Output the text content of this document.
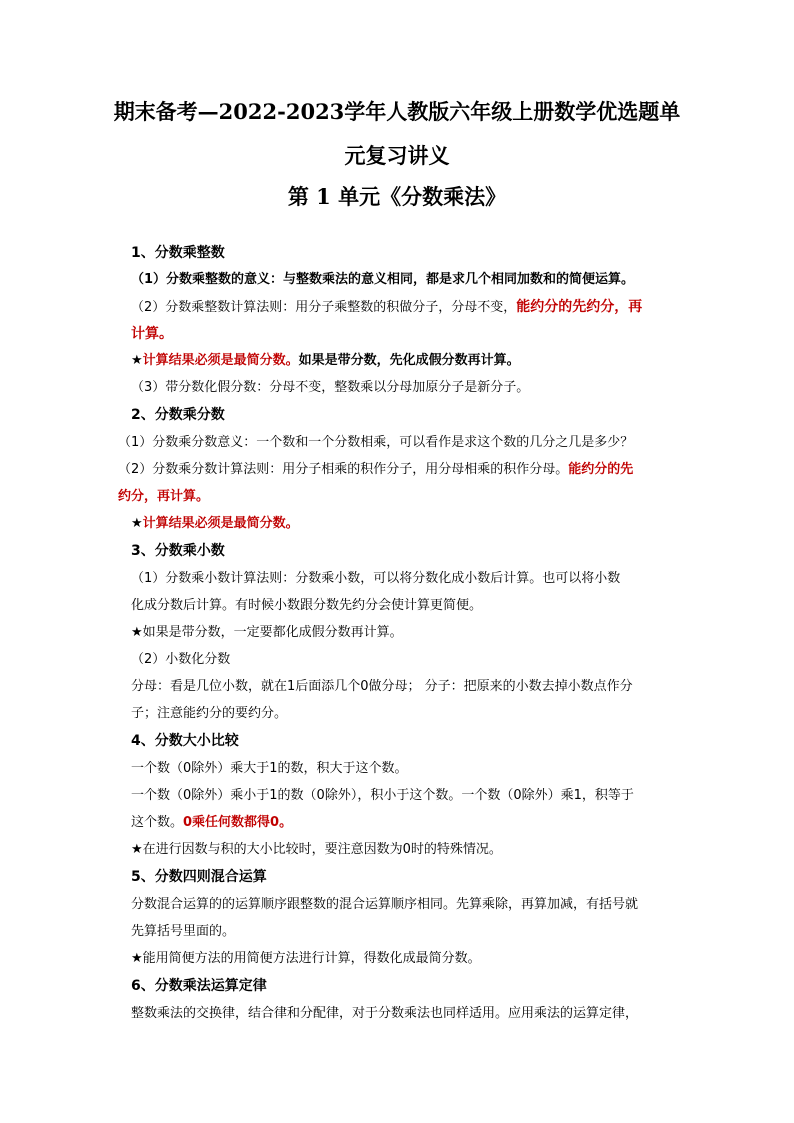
期末备考—2022-2023学年人教版六年级上册数学优选题单
元复习讲义
第 1 单元《分数乘法》
1、分数乘整数
（1）分数乘整数的意义：与整数乘法的意义相同，都是求几个相同加数和的简便运算。
（2）分数乘整数计算法则：用分子乘整数的积做分子，分母不变，能约分的先约分，再
计算。
★计算结果必须是最简分数。如果是带分数，先化成假分数再计算。
（3）带分数化假分数：分母不变，整数乘以分母加原分子是新分子。
2、分数乘分数
（1）分数乘分数意义：一个数和一个分数相乘，可以看作是求这个数的几分之几是多少？
（2）分数乘分数计算法则：用分子相乘的积作分子，用分母相乘的积作分母。能约分的先
约分，再计算。
★计算结果必须是最简分数。
3、分数乘小数
（1）分数乘小数计算法则：分数乘小数，可以将分数化成小数后计算。也可以将小数
化成分数后计算。有时候小数跟分数先约分会使计算更简便。
★如果是带分数，一定要都化成假分数再计算。
（2）小数化分数
分母：看是几位小数，就在1后面添几个0做分母； 分子：把原来的小数去掉小数点作分
子；注意能约分的要约分。
4、分数大小比较
一个数（0除外）乘大于1的数，积大于这个数。
一个数（0除外）乘小于1的数（0除外），积小于这个数。一个数（0除外）乘1，积等于
这个数。0乘任何数都得0。
★在进行因数与积的大小比较时，要注意因数为0时的特殊情况。
5、分数四则混合运算
分数混合运算的的运算顺序跟整数的混合运算顺序相同。先算乘除，再算加减，有括号就
先算括号里面的。
★能用简便方法的用简便方法进行计算，得数化成最简分数。
6、分数乘法运算定律
整数乘法的交换律，结合律和分配律，对于分数乘法也同样适用。应用乘法的运算定律，
